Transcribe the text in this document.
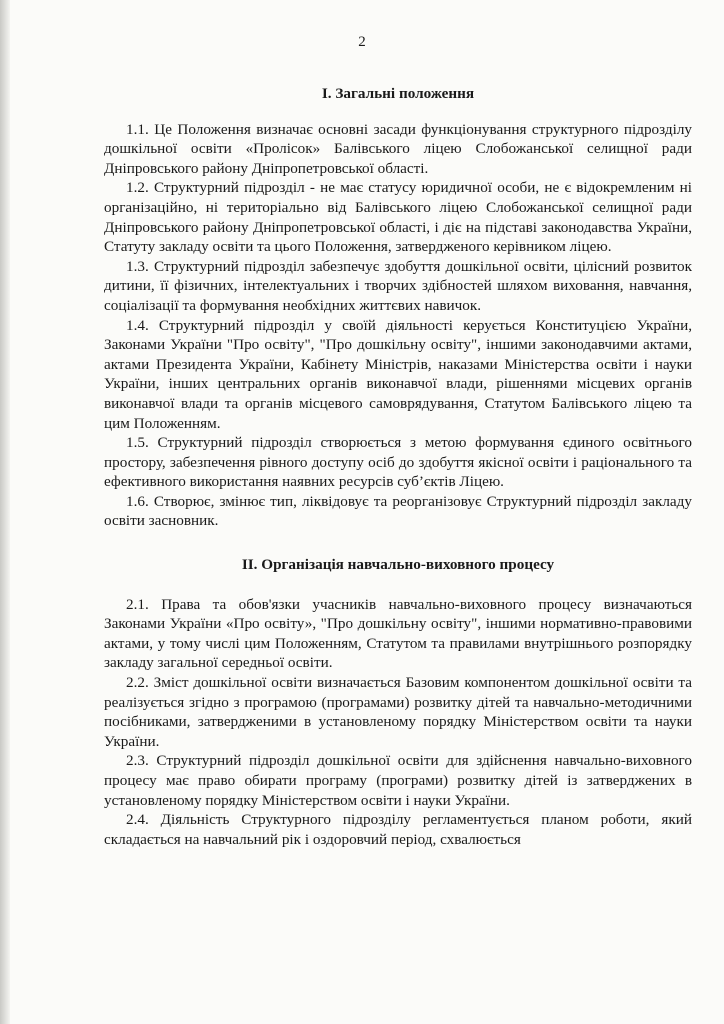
2
I. Загальні положення

1.1. Це Положення визначає основні засади функціонування структурного підрозділу дошкільної освіти «Пролісок» Балівського ліцею Слобожанської селищної ради Дніпровського району Дніпропетровської області.

1.2. Структурний підрозділ - не має статусу юридичної особи, не є відокремленим ні організаційно, ні територіально від Балівського ліцею Слобожанської селищної ради Дніпровського району Дніпропетровської області, і діє на підставі законодавства України, Статуту закладу освіти та цього Положення, затвердженого керівником ліцею.

1.3. Структурний підрозділ забезпечує здобуття дошкільної освіти, цілісний розвиток дитини, її фізичних, інтелектуальних і творчих здібностей шляхом виховання, навчання, соціалізації та формування необхідних життєвих навичок.

1.4. Структурний підрозділ у своїй діяльності керується Конституцією України, Законами України "Про освіту", "Про дошкільну освіту", іншими законодавчими актами, актами Президента України, Кабінету Міністрів, наказами Міністерства освіти і науки України, інших центральних органів виконавчої влади, рішеннями місцевих органів виконавчої влади та органів місцевого самоврядування, Статутом Балівського ліцею та цим Положенням.

1.5. Структурний підрозділ створюється з метою формування єдиного освітнього простору, забезпечення рівного доступу осіб до здобуття якісної освіти і раціонального та ефективного використання наявних ресурсів суб’єктів Ліцею.

1.6. Створює, змінює тип, ліквідовує та реорганізовує Структурний підрозділ закладу освіти засновник.

II. Організація навчально-виховного процесу

2.1. Права та обов'язки учасників навчально-виховного процесу визначаються Законами України «Про освіту», "Про дошкільну освіту", іншими нормативно-правовими актами, у тому числі цим Положенням, Статутом та правилами внутрішнього розпорядку закладу загальної середньої освіти.

2.2. Зміст дошкільної освіти визначається Базовим компонентом дошкільної освіти та реалізується згідно з програмою (програмами) розвитку дітей та навчально-методичними посібниками, затвердженими в установленому порядку Міністерством освіти та науки України.

2.3. Структурний підрозділ дошкільної освіти для здійснення навчально-виховного процесу має право обирати програму (програми) розвитку дітей із затверджених в установленому порядку Міністерством освіти і науки України.

2.4. Діяльність Структурного підрозділу регламентується планом роботи, який складається на навчальний рік і оздоровчий період, схвалюється
